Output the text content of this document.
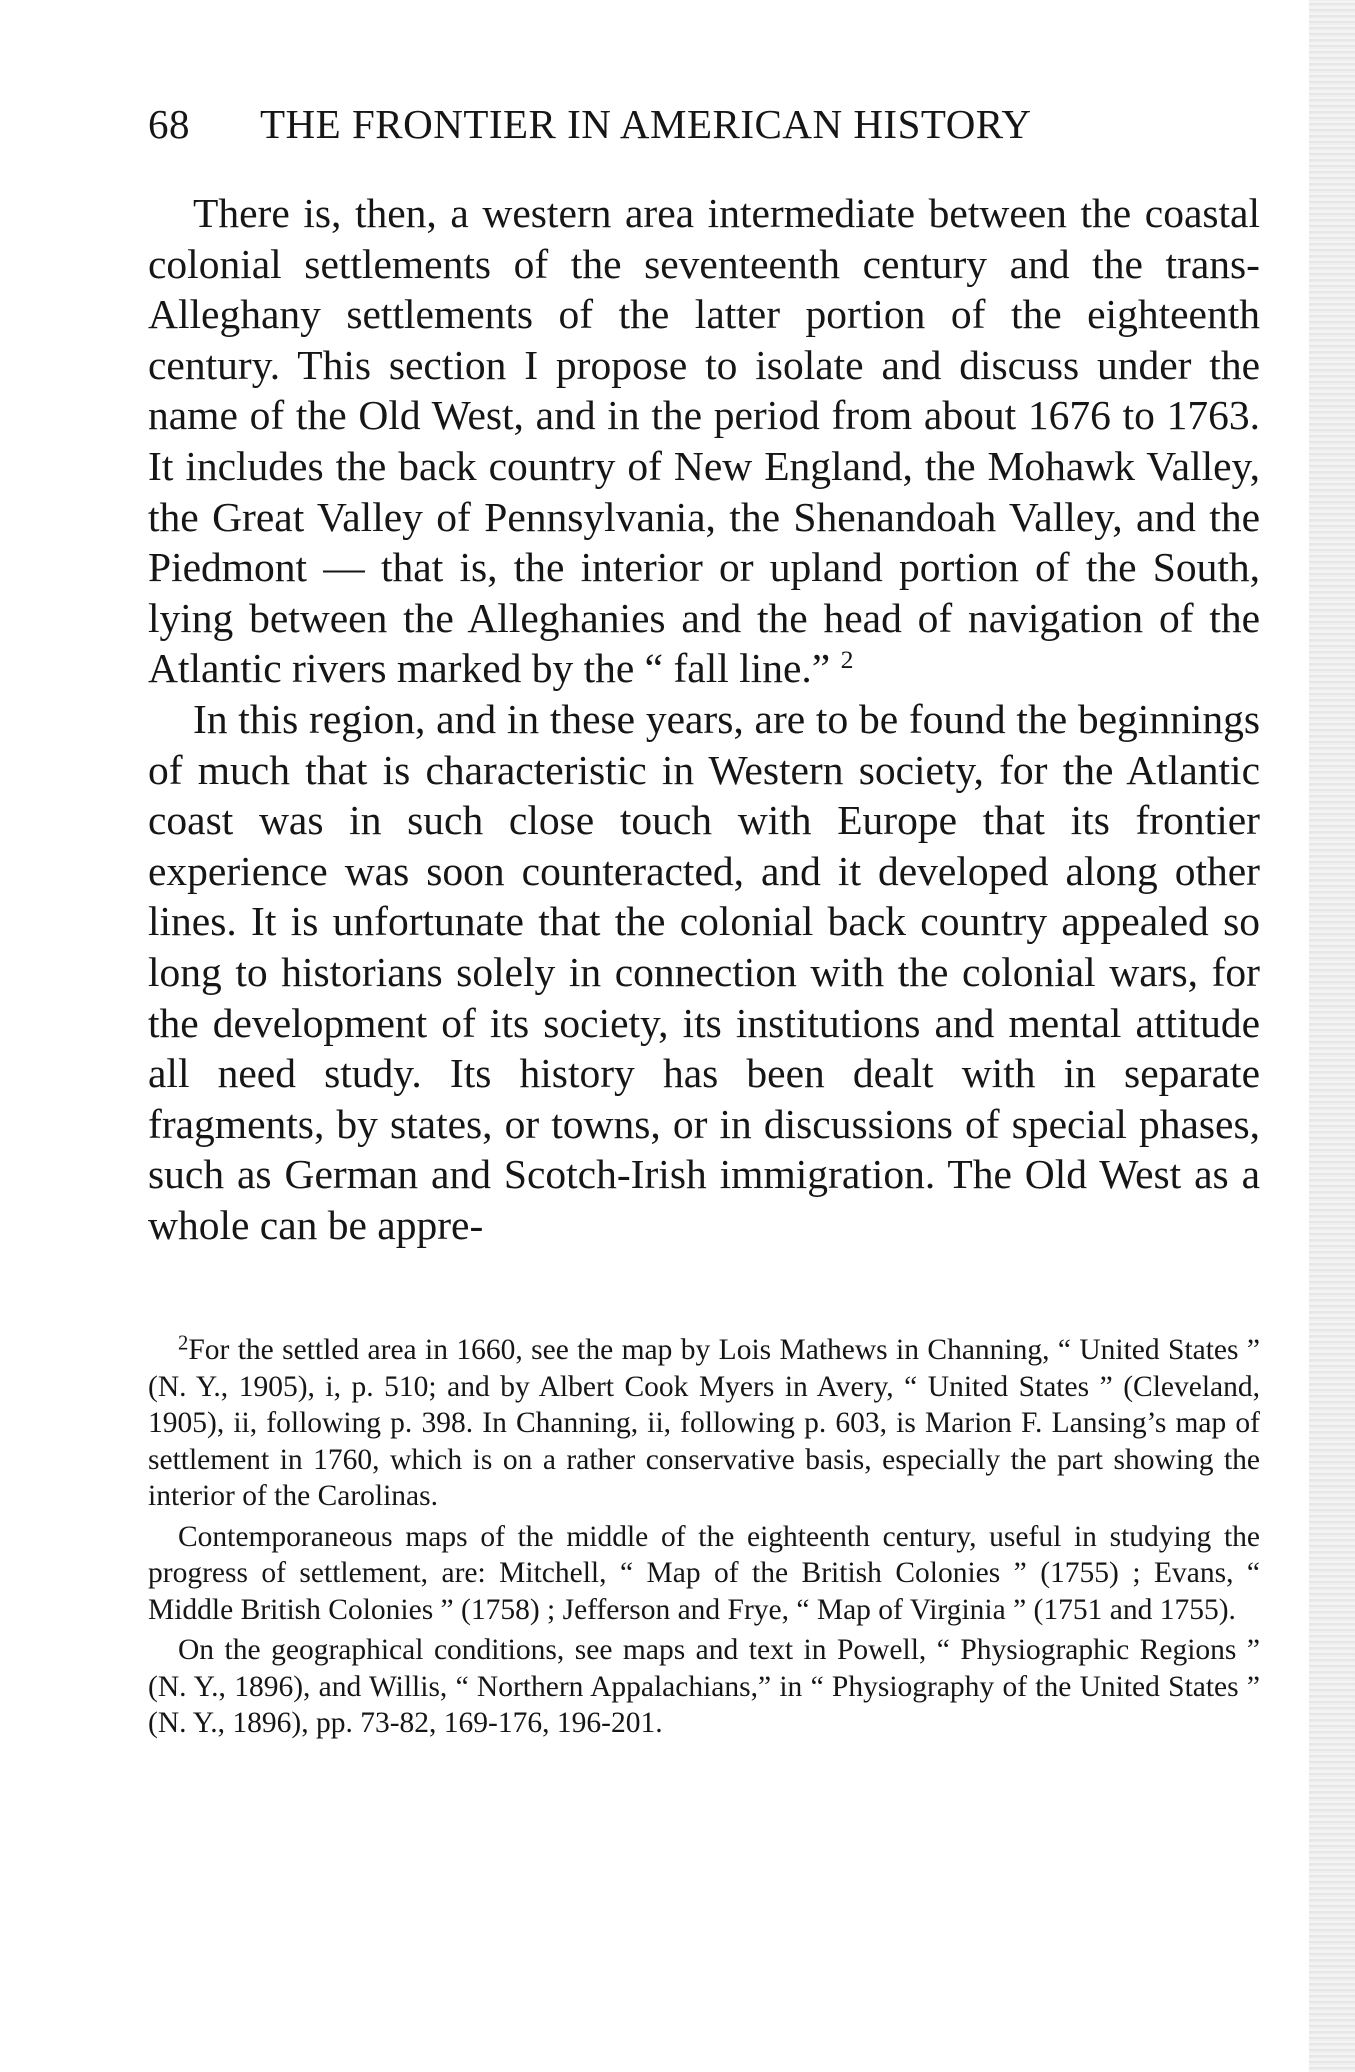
68 THE FRONTIER IN AMERICAN HISTORY

There is, then, a western area intermediate between the coastal colonial settlements of the seventeenth century and the trans-Alleghany settlements of the latter portion of the eighteenth century. This section I propose to isolate and discuss under the name of the Old West, and in the period from about 1676 to 1763. It includes the back country of New England, the Mohawk Valley, the Great Valley of Pennsylvania, the Shenandoah Valley, and the Piedmont — that is, the interior or upland portion of the South, lying between the Alleghanies and the head of navigation of the Atlantic rivers marked by the “ fall line.” $^2$

In this region, and in these years, are to be found the beginnings of much that is characteristic in Western society, for the Atlantic coast was in such close touch with Europe that its frontier experience was soon counteracted, and it developed along other lines. It is unfortunate that the colonial back country appealed so long to historians solely in connection with the colonial wars, for the development of its society, its institutions and mental attitude all need study. Its history has been dealt with in separate fragments, by states, or towns, or in discussions of special phases, such as German and Scotch-Irish immigration. The Old West as a whole can be appre-

$^2$For the settled area in 1660, see the map by Lois Mathews in Channing, “ United States ” (N. Y., 1905), i, p. 510; and by Albert Cook Myers in Avery, “ United States ” (Cleveland, 1905), ii, following p. 398. In Channing, ii, following p. 603, is Marion F. Lansing’s map of settlement in 1760, which is on a rather conservative basis, especially the part showing the interior of the Carolinas.

Contemporaneous maps of the middle of the eighteenth century, useful in studying the progress of settlement, are: Mitchell, “ Map of the British Colonies ” (1755) ; Evans, “ Middle British Colonies ” (1758) ; Jefferson and Frye, “ Map of Virginia ” (1751 and 1755).

On the geographical conditions, see maps and text in Powell, “ Physiographic Regions ” (N. Y., 1896), and Willis, “ Northern Appalachians,” in “ Physiography of the United States ” (N. Y., 1896), pp. 73-82, 169-176, 196-201.
